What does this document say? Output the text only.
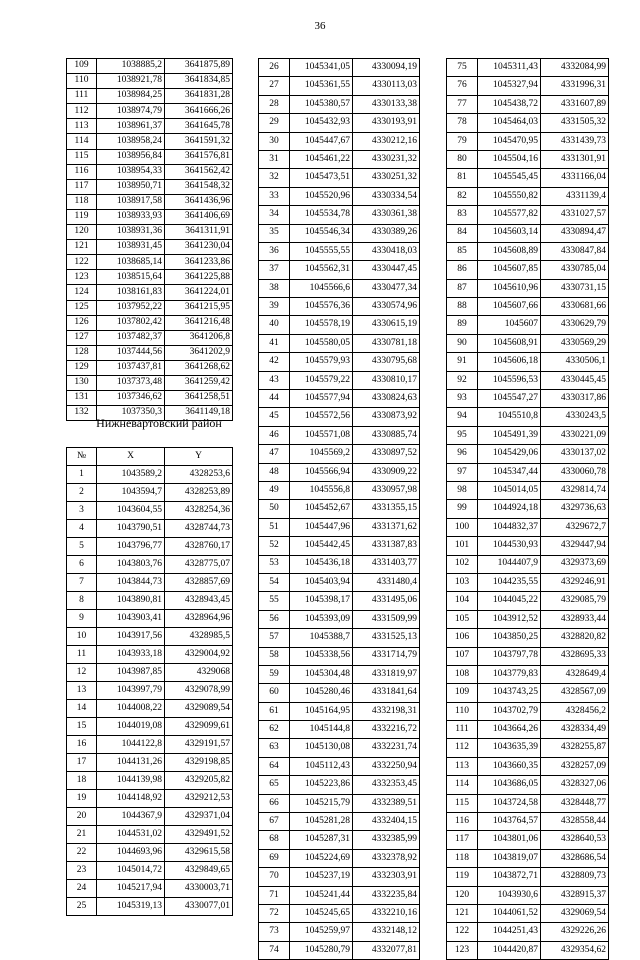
36
109	1038885,2	3641875,89
110	1038921,78	3641834,85
111	1038984,25	3641831,28
112	1038974,79	3641666,26
113	1038961,37	3641645,78
114	1038958,24	3641591,32
115	1038956,84	3641576,81
116	1038954,33	3641562,42
117	1038950,71	3641548,32
118	1038917,58	3641436,96
119	1038933,93	3641406,69
120	1038931,36	3641311,91
121	1038931,45	3641230,04
122	1038685,14	3641233,86
123	1038515,64	3641225,88
124	1038161,83	3641224,01
125	1037952,22	3641215,95
126	1037802,42	3641216,48
127	1037482,37	3641206,8
128	1037444,56	3641202,9
129	1037437,81	3641268,62
130	1037373,48	3641259,42
131	1037346,62	3641258,51
132	1037350,3	3641149,18
Нижневартовский район
№	X	Y
1	1043589,2	4328253,6
2	1043594,7	4328253,89
3	1043604,55	4328254,36
4	1043790,51	4328744,73
5	1043796,77	4328760,17
6	1043803,76	4328775,07
7	1043844,73	4328857,69
8	1043890,81	4328943,45
9	1043903,41	4328964,96
10	1043917,56	4328985,5
11	1043933,18	4329004,92
12	1043987,85	4329068
13	1043997,79	4329078,99
14	1044008,22	4329089,54
15	1044019,08	4329099,61
16	1044122,8	4329191,57
17	1044131,26	4329198,85
18	1044139,98	4329205,82
19	1044148,92	4329212,53
20	1044367,9	4329371,04
21	1044531,02	4329491,52
22	1044693,96	4329615,58
23	1045014,72	4329849,65
24	1045217,94	4330003,71
25	1045319,13	4330077,01
26	1045341,05	4330094,19
27	1045361,55	4330113,03
28	1045380,57	4330133,38
29	1045432,93	4330193,91
30	1045447,67	4330212,16
31	1045461,22	4330231,32
32	1045473,51	4330251,32
33	1045520,96	4330334,54
34	1045534,78	4330361,38
35	1045546,34	4330389,26
36	1045555,55	4330418,03
37	1045562,31	4330447,45
38	1045566,6	4330477,34
39	1045576,36	4330574,96
40	1045578,19	4330615,19
41	1045580,05	4330781,18
42	1045579,93	4330795,68
43	1045579,22	4330810,17
44	1045577,94	4330824,63
45	1045572,56	4330873,92
46	1045571,08	4330885,74
47	1045569,2	4330897,52
48	1045566,94	4330909,22
49	1045556,8	4330957,98
50	1045452,67	4331355,15
51	1045447,96	4331371,62
52	1045442,45	4331387,83
53	1045436,18	4331403,77
54	1045403,94	4331480,4
55	1045398,17	4331495,06
56	1045393,09	4331509,99
57	1045388,7	4331525,13
58	1045338,56	4331714,79
59	1045304,48	4331819,97
60	1045280,46	4331841,64
61	1045164,95	4332198,31
62	1045144,8	4332216,72
63	1045130,08	4332231,74
64	1045112,43	4332250,94
65	1045223,86	4332353,45
66	1045215,79	4332389,51
67	1045281,28	4332404,15
68	1045287,31	4332385,99
69	1045224,69	4332378,92
70	1045237,19	4332303,91
71	1045241,44	4332235,84
72	1045245,65	4332210,16
73	1045259,97	4332148,12
74	1045280,79	4332077,81
75	1045311,43	4332084,99
76	1045327,94	4331996,31
77	1045438,72	4331607,89
78	1045464,03	4331505,32
79	1045470,95	4331439,73
80	1045504,16	4331301,91
81	1045545,45	4331166,04
82	1045550,82	4331139,4
83	1045577,82	4331027,57
84	1045603,14	4330894,47
85	1045608,89	4330847,84
86	1045607,85	4330785,04
87	1045610,96	4330731,15
88	1045607,66	4330681,66
89	1045607	4330629,79
90	1045608,91	4330569,29
91	1045606,18	4330506,1
92	1045596,53	4330445,45
93	1045547,27	4330317,86
94	1045510,8	4330243,5
95	1045491,39	4330221,09
96	1045429,06	4330137,02
97	1045347,44	4330060,78
98	1045014,05	4329814,74
99	1044924,18	4329736,63
100	1044832,37	4329672,7
101	1044530,93	4329447,94
102	1044407,9	4329373,69
103	1044235,55	4329246,91
104	1044045,22	4329085,79
105	1043912,52	4328933,44
106	1043850,25	4328820,82
107	1043797,78	4328695,33
108	1043779,83	4328649,4
109	1043743,25	4328567,09
110	1043702,79	4328456,2
111	1043664,26	4328334,49
112	1043635,39	4328255,87
113	1043660,35	4328257,09
114	1043686,05	4328327,06
115	1043724,58	4328448,77
116	1043764,57	4328558,44
117	1043801,06	4328640,53
118	1043819,07	4328686,54
119	1043872,71	4328809,73
120	1043930,6	4328915,37
121	1044061,52	4329069,54
122	1044251,43	4329226,26
123	1044420,87	4329354,62
